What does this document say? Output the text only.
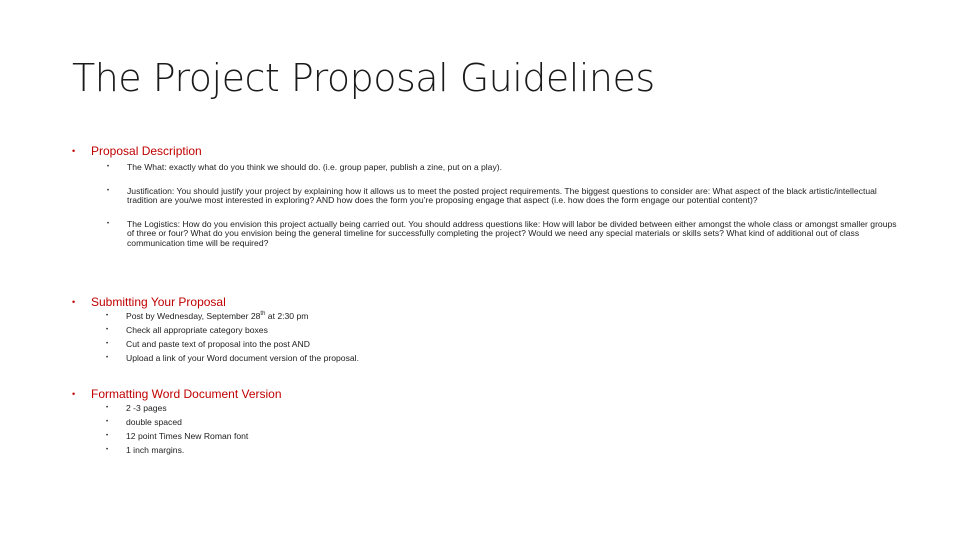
The Project Proposal Guidelines
•	Proposal Description
•	The What: exactly what do you think we should do. (i.e. group paper, publish a zine, put on a play).
•	Justification: You should justify your project by explaining how it allows us to meet the posted project requirements. The biggest questions to consider are: What aspect of the black artistic/intellectual tradition are you/we most interested in exploring? AND how does the form you’re proposing engage that aspect (i.e. how does the form engage our potential content)?
•	The Logistics: How do you envision this project actually being carried out. You should address questions like: How will labor be divided between either amongst the whole class or amongst smaller groups of three or four? What do you envision being the general timeline for successfully completing the project? Would we need any special materials or skills sets? What kind of additional out of class communication time will be required?
•	Submitting Your Proposal
•	Post by Wednesday, September 28th at 2:30 pm
•	Check all appropriate category boxes
•	Cut and paste text of proposal into the post AND
•	Upload a link of your Word document version of the proposal.
•	Formatting Word Document Version
•	2 -3 pages
•	double spaced
•	12 point Times New Roman font
•	1 inch margins.
